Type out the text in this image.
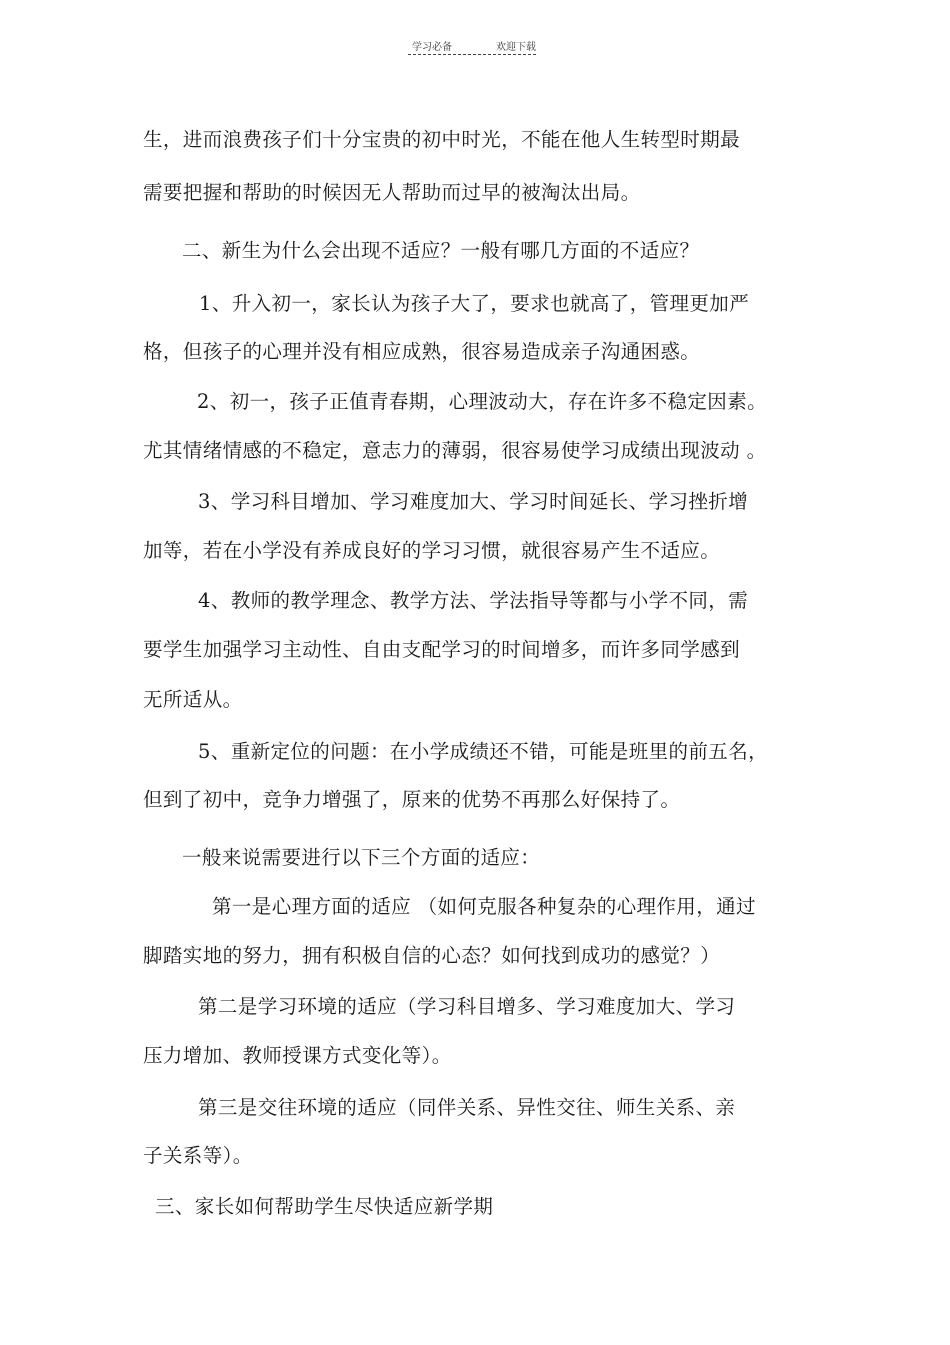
学习必备	欢迎下载
生，进而浪费孩子们十分宝贵的初中时光，不能在他人生转型时期最
需要把握和帮助的时候因无人帮助而过早的被淘汰出局。
二、新生为什么会出现不适应？一般有哪几方面的不适应？
1、升入初一，家长认为孩子大了，要求也就高了，管理更加严
格，但孩子的心理并没有相应成熟，很容易造成亲子沟通困惑。
2、初一，孩子正值青春期，心理波动大，存在许多不稳定因素。
尤其情绪情感的不稳定，意志力的薄弱，很容易使学习成绩出现波动 。
3、学习科目增加、学习难度加大、学习时间延长、学习挫折增
加等，若在小学没有养成良好的学习习惯，就很容易产生不适应。
4、教师的教学理念、教学方法、学法指导等都与小学不同，需
要学生加强学习主动性、自由支配学习的时间增多，而许多同学感到
无所适从。
5、重新定位的问题：在小学成绩还不错，可能是班里的前五名，
但到了初中，竞争力增强了，原来的优势不再那么好保持了。
一般来说需要进行以下三个方面的适应：
第一是心理方面的适应 （如何克服各种复杂的心理作用，通过
脚踏实地的努力，拥有积极自信的心态？如何找到成功的感觉？）
第二是学习环境的适应（学习科目增多、学习难度加大、学习
压力增加、教师授课方式变化等）。
第三是交往环境的适应（同伴关系、异性交往、师生关系、亲
子关系等）。
三、家长如何帮助学生尽快适应新学期
